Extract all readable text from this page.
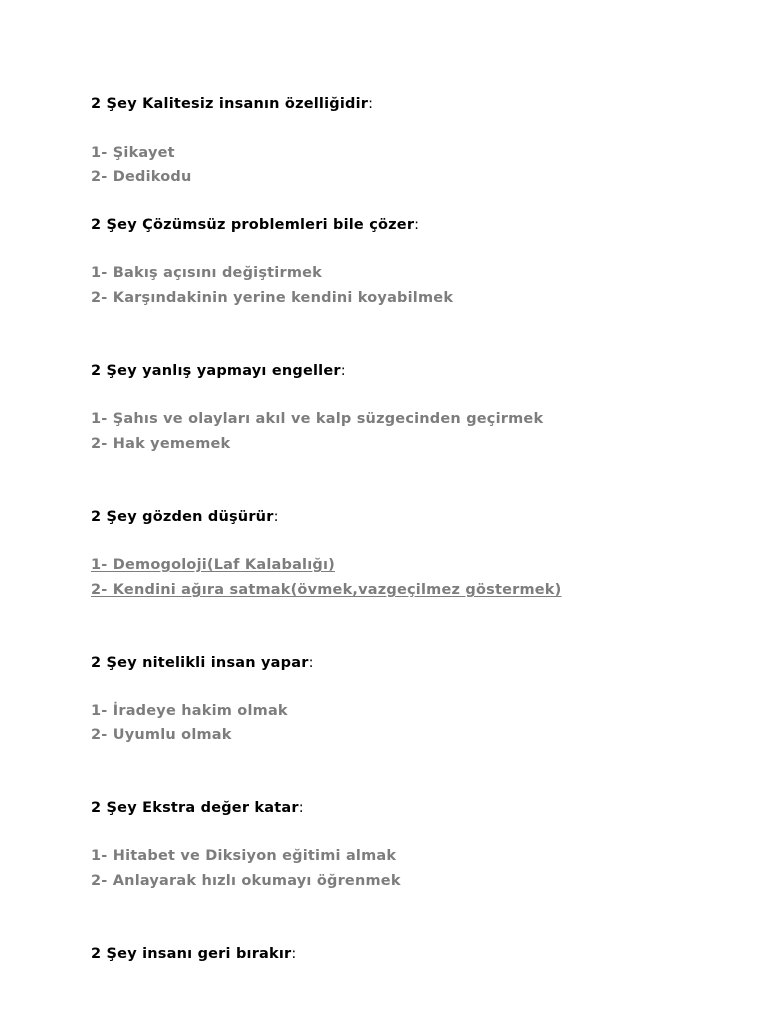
2 Şey Kalitesiz insanın özelliğidir:

1- Şikayet

2- Dedikodu

2 Şey Çözümsüz problemleri bile çözer:

1- Bakış açısını değiştirmek

2- Karşındakinin yerine kendini koyabilmek

2 Şey yanlış yapmayı engeller:

1- Şahıs ve olayları akıl ve kalp süzgecinden geçirmek

2- Hak yememek

2 Şey gözden düşürür:

1- Demogoloji(Laf Kalabalığı)

2- Kendini ağıra satmak(övmek,vazgeçilmez göstermek)

2 Şey nitelikli insan yapar:

1- İradeye hakim olmak

2- Uyumlu olmak

2 Şey Ekstra değer katar:

1- Hitabet ve Diksiyon eğitimi almak

2- Anlayarak hızlı okumayı öğrenmek

2 Şey insanı geri bırakır:
